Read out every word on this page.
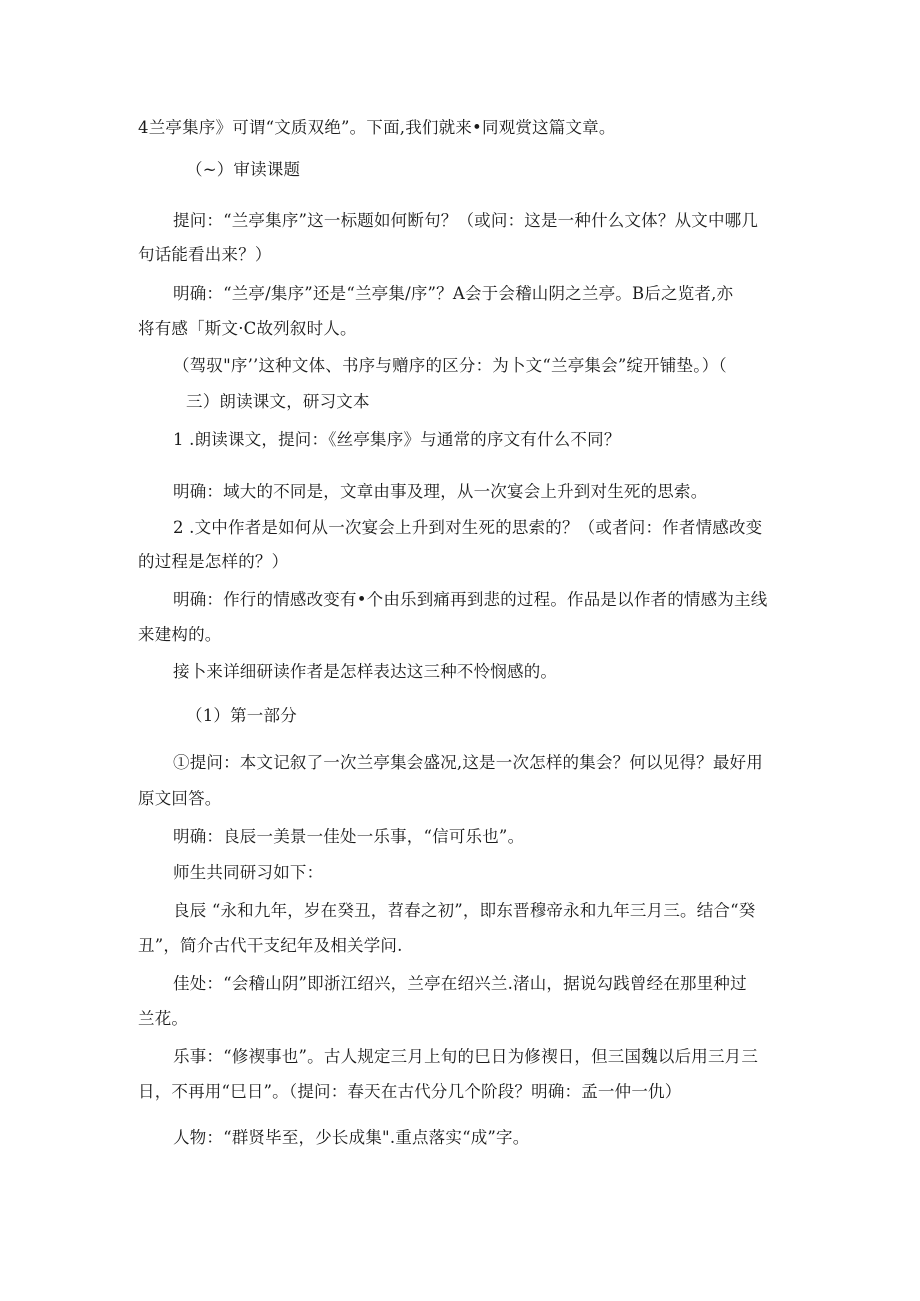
4兰亭集序》可谓“文质双绝”。下面,我们就来•同观赏这篇文章。
（~）审读课题
提问：“兰亭集序”这一标题如何断句？（或问：这是一种什么文体？从文中哪几
句话能看出来？）
明确：“兰亭/集序”还是“兰亭集/序”？A会于会稽山阴之兰亭。B后之览者,亦
将有感「斯文·C故列叙时人。
（驾驭"序’’这种文体、书序与赠序的区分：为卜文“兰亭集会”绽开铺垫。）（
三）朗读课文，研习文本
1 .朗读课文，提问：《丝亭集序》与通常的序文有什么不同？
明确：域大的不同是，文章由事及理，从一次宴会上升到对生死的思索。
2 .文中作者是如何从一次宴会上升到对生死的思索的？（或者问：作者情感改变
的过程是怎样的？）
明确：作行的情感改变有•个由乐到痛再到悲的过程。作品是以作者的情感为主线
来建构的。
接卜来详细研读作者是怎样表达这三种不怜悯感的。
（1）第一部分
①提问：本文记叙了一次兰亭集会盛况,这是一次怎样的集会？何以见得？最好用
原文回答。
明确：良辰一美景一佳处一乐事，“信可乐也”。
师生共同研习如下：
良辰 “永和九年，岁在癸丑，苕春之初”，即东晋穆帝永和九年三月三。结合“癸
丑”，简介古代干支纪年及相关学问.
佳处：“会稽山阴”即浙江绍兴，兰亭在绍兴兰.渚山，据说勾践曾经在那里种过
兰花。
乐事：“修禊事也”。古人规定三月上旬的巳日为修禊日，但三国魏以后用三月三
日，不再用“巳日”。（提问：春天在古代分几个阶段？明确：孟一仲一仇）
人物：“群贤毕至，少长成集".重点落实“成”字。
